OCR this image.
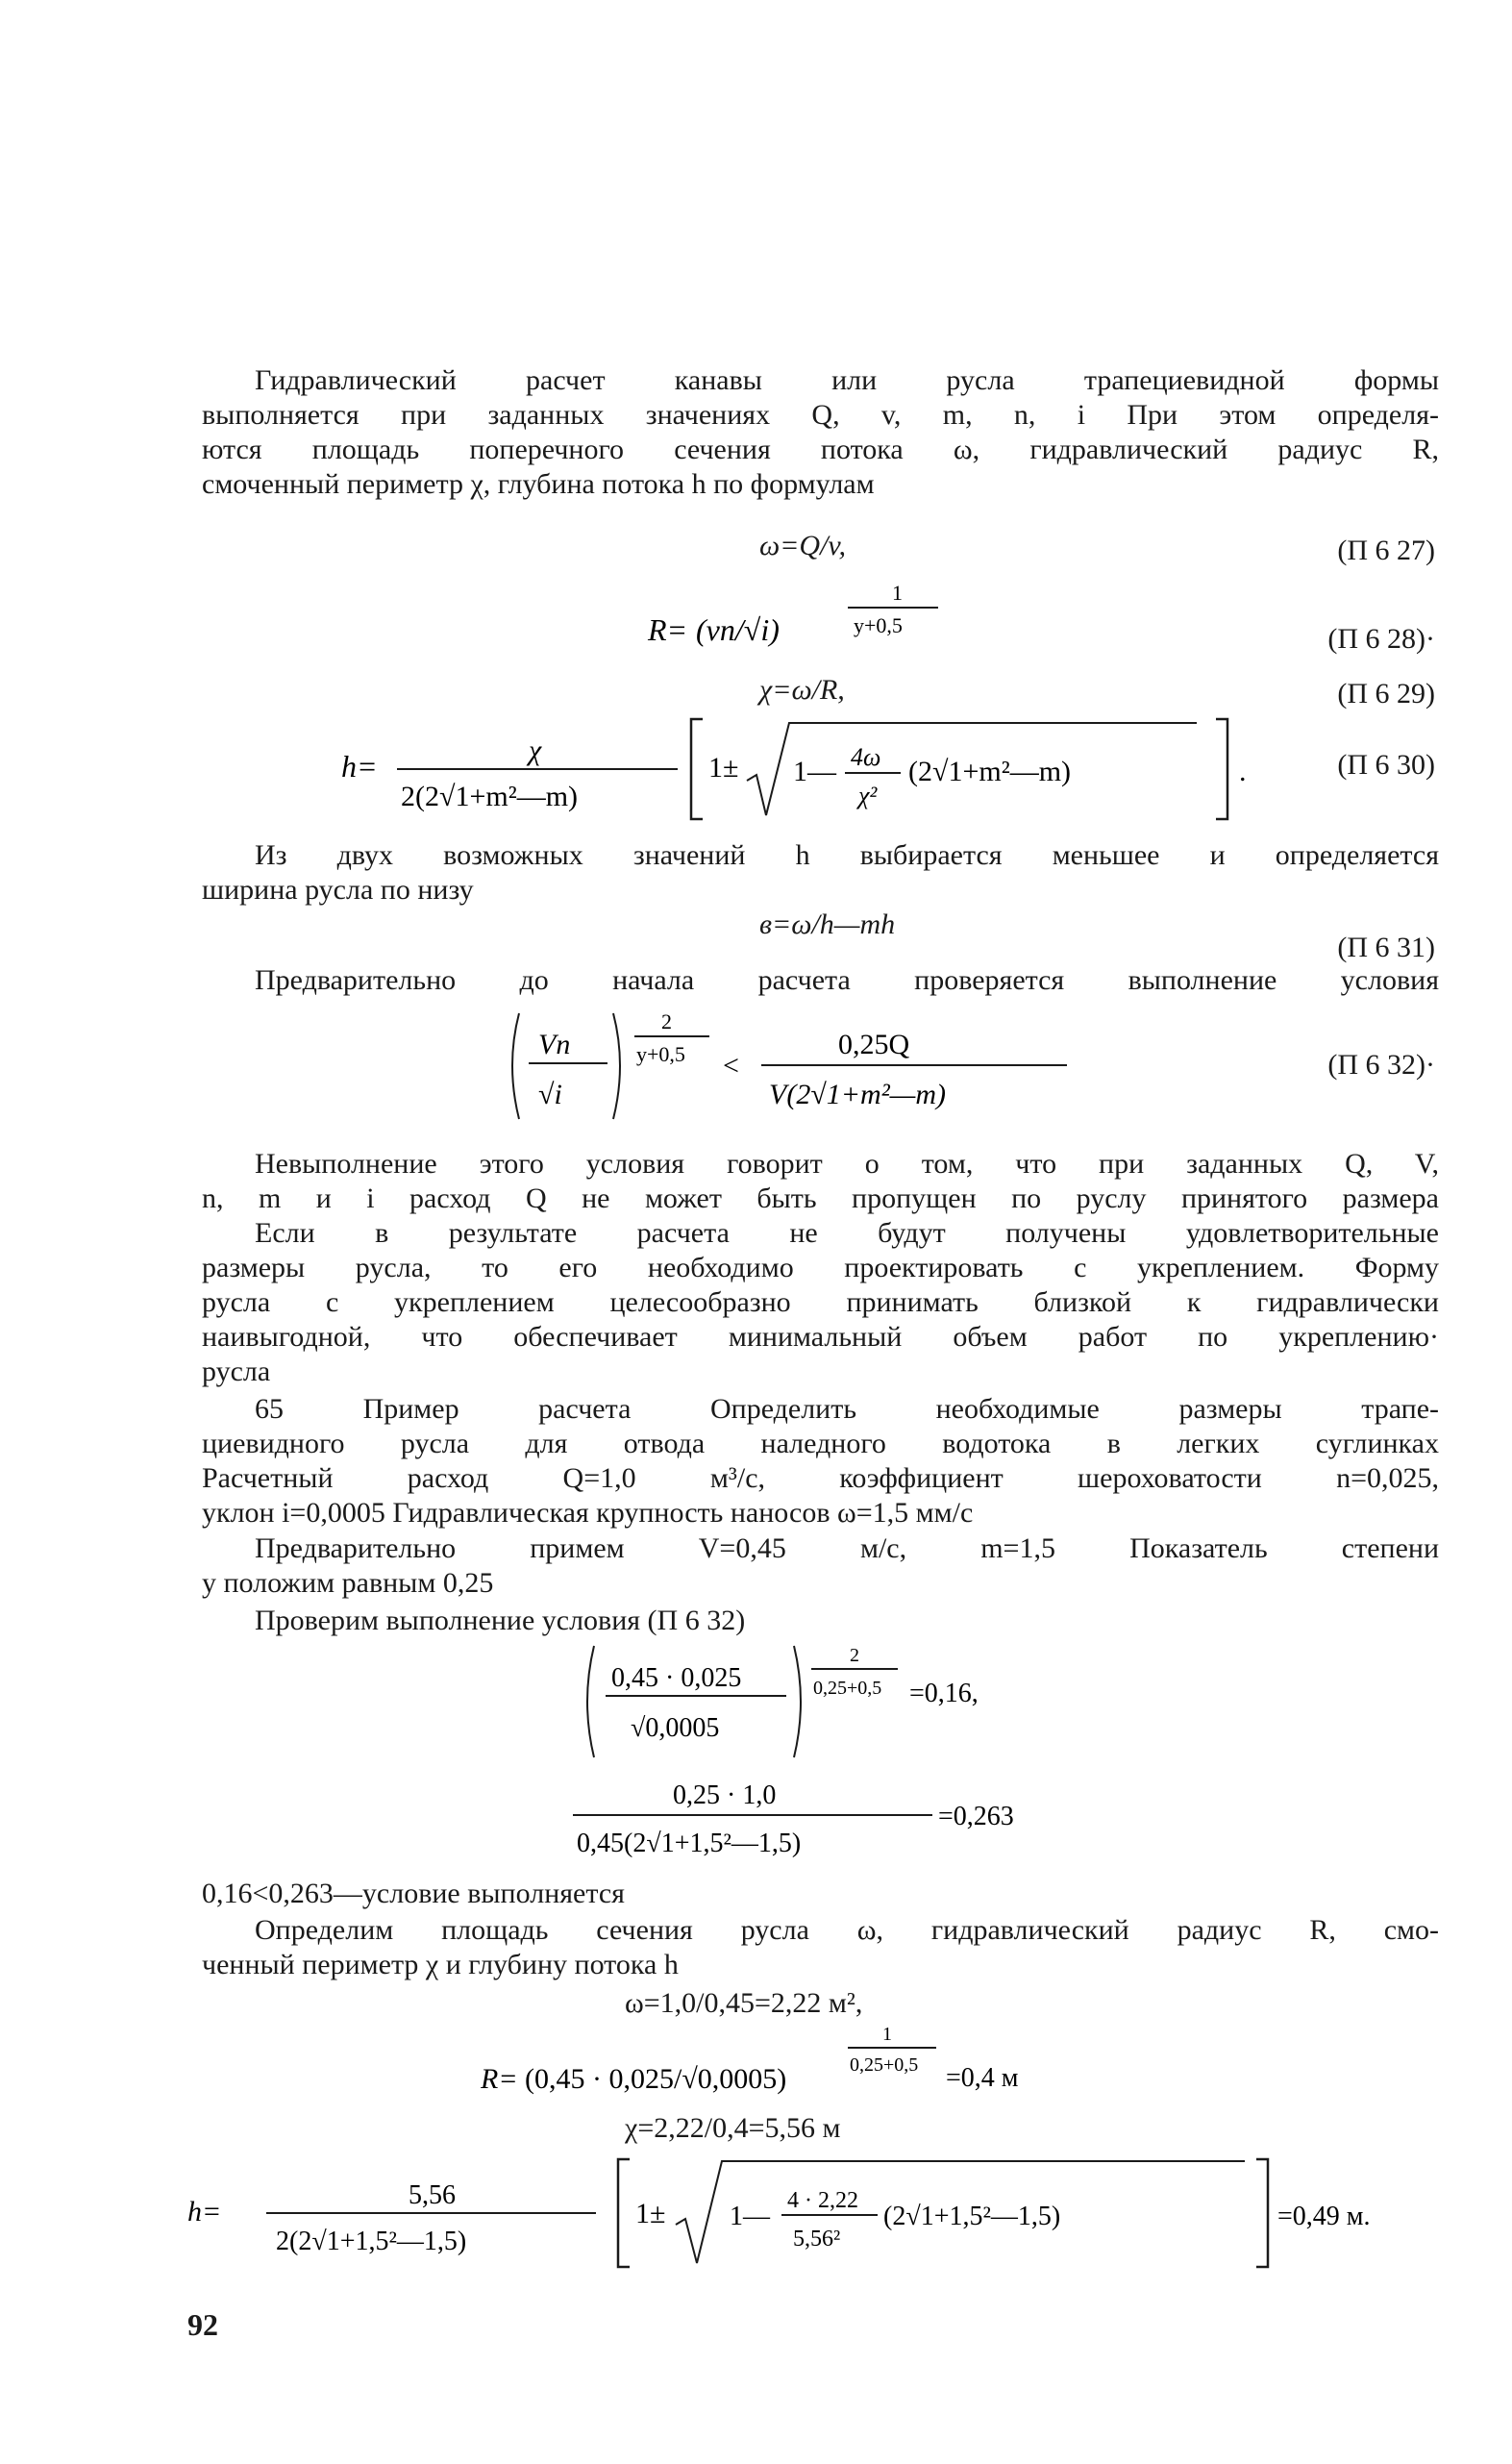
Гидравлический расчет канавы или русла трапециевидной формы
выполняется при заданных значениях Q, v, m, n, i При этом определя-
ются площадь поперечного сечения потока ω, гидравлический радиус R,
смоченный периметр χ, глубина потока h по формулам
ω=Q/v,	(П 6 27)
R= (vn/√i)
1
y+0,5	(П 6 28)·
χ=ω/R,	(П 6 29)
h=	χ
2(2√1+m²—m)
1± 1— 4ω
χ²
(2√1+m²—m)	.	(П 6 30)
Из двух возможных значений h выбирается меньшее и определяется
ширина русла по низу
в=ω/h—mh
(П 6 31)
Предварительно до начала расчета проверяется выполнение условия
Vn
√i
2
y+0,5 <
0,25Q
V(2√1+m²—m)
(П 6 32)·
Невыполнение этого условия говорит о том, что при заданных Q, V,
n, m и i расход Q не может быть пропущен по руслу принятого размера
Если в результате расчета не будут получены удовлетворительные
размеры русла, то его необходимо проектировать с укреплением. Форму
русла с укреплением целесообразно принимать близкой к гидравлически
наивыгодной, что обеспечивает минимальный объем работ по укреплению·
русла
65 Пример расчета Определить необходимые размеры трапе-
циевидного русла для отвода наледного водотока в легких суглинках
Расчетный расход Q=1,0 м³/с, коэффициент шероховатости n=0,025,
уклон i=0,0005 Гидравлическая крупность наносов ω=1,5 мм/с
Предварительно примем V=0,45 м/с, m=1,5 Показатель степени
y положим равным 0,25
Проверим выполнение условия (П 6 32)
0,45 · 0,025
√0,0005
2
0,25+0,5 =0,16,
0,25 · 1,0
0,45(2√1+1,5²—1,5)
=0,263
0,16<0,263—условие выполняется
Определим площадь сечения русла ω, гидравлический радиус R, смо-
ченный периметр χ и глубину потока h
ω=1,0/0,45=2,22 м²,
R= (0,45 · 0,025/√0,0005)
1
0,25+0,5 =0,4 м
χ=2,22/0,4=5,56 м
h=
5,56
2(2√1+1,5²—1,5)
1± 1—
4 · 2,22
5,56²
(2√1+1,5²—1,5)	=0,49 м.
92
